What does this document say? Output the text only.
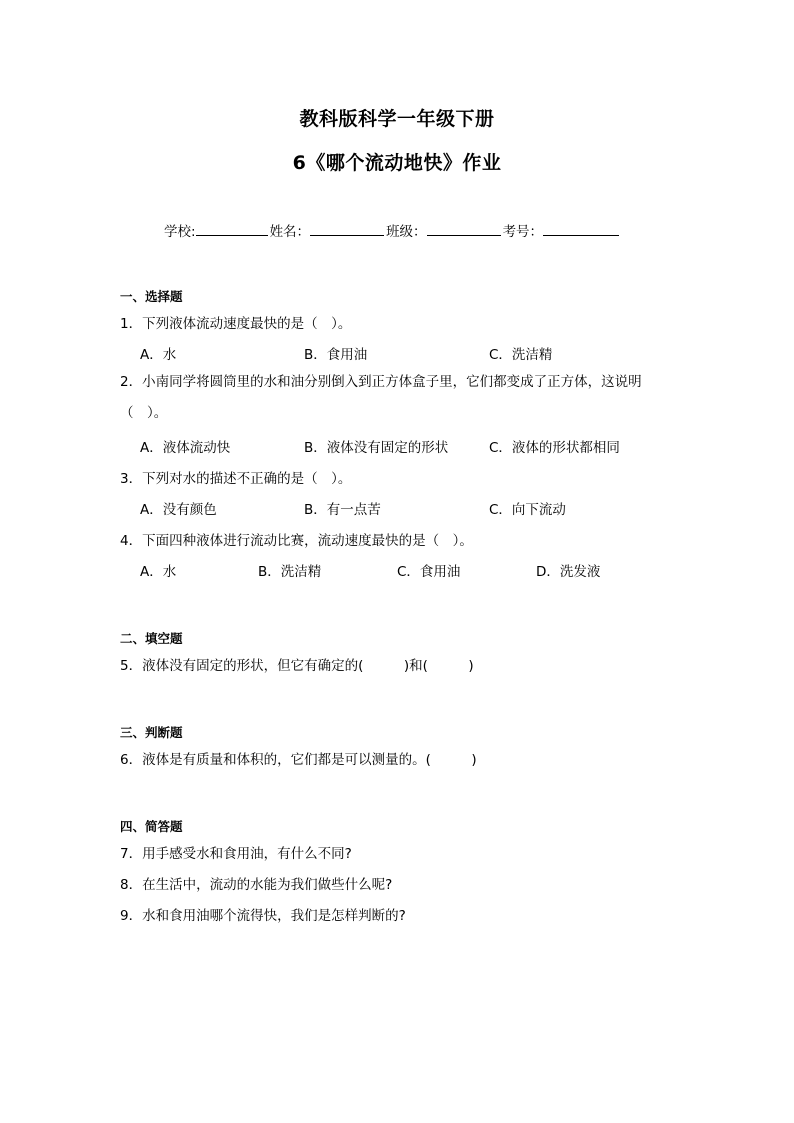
教科版科学一年级下册
6《哪个流动地快》作业
学校:	姓名：	班级：	考号：
一、选择题
1．下列液体流动速度最快的是（　）。
A．水	B．食用油	C．洗洁精
2．小南同学将圆筒里的水和油分别倒入到正方体盒子里，它们都变成了正方体，这说明（　）。
A．液体流动快	B．液体没有固定的形状	C．液体的形状都相同
3．下列对水的描述不正确的是（　）。
A．没有颜色	B．有一点苦	C．向下流动
4．下面四种液体进行流动比赛，流动速度最快的是（　）。
A．水	B．洗洁精	C．食用油	D．洗发液
二、填空题
5．液体没有固定的形状，但它有确定的(　　　)和(　　　)
三、判断题
6．液体是有质量和体积的，它们都是可以测量的。(　　　)
四、简答题
7．用手感受水和食用油，有什么不同?
8．在生活中，流动的水能为我们做些什么呢?
9．水和食用油哪个流得快，我们是怎样判断的?
